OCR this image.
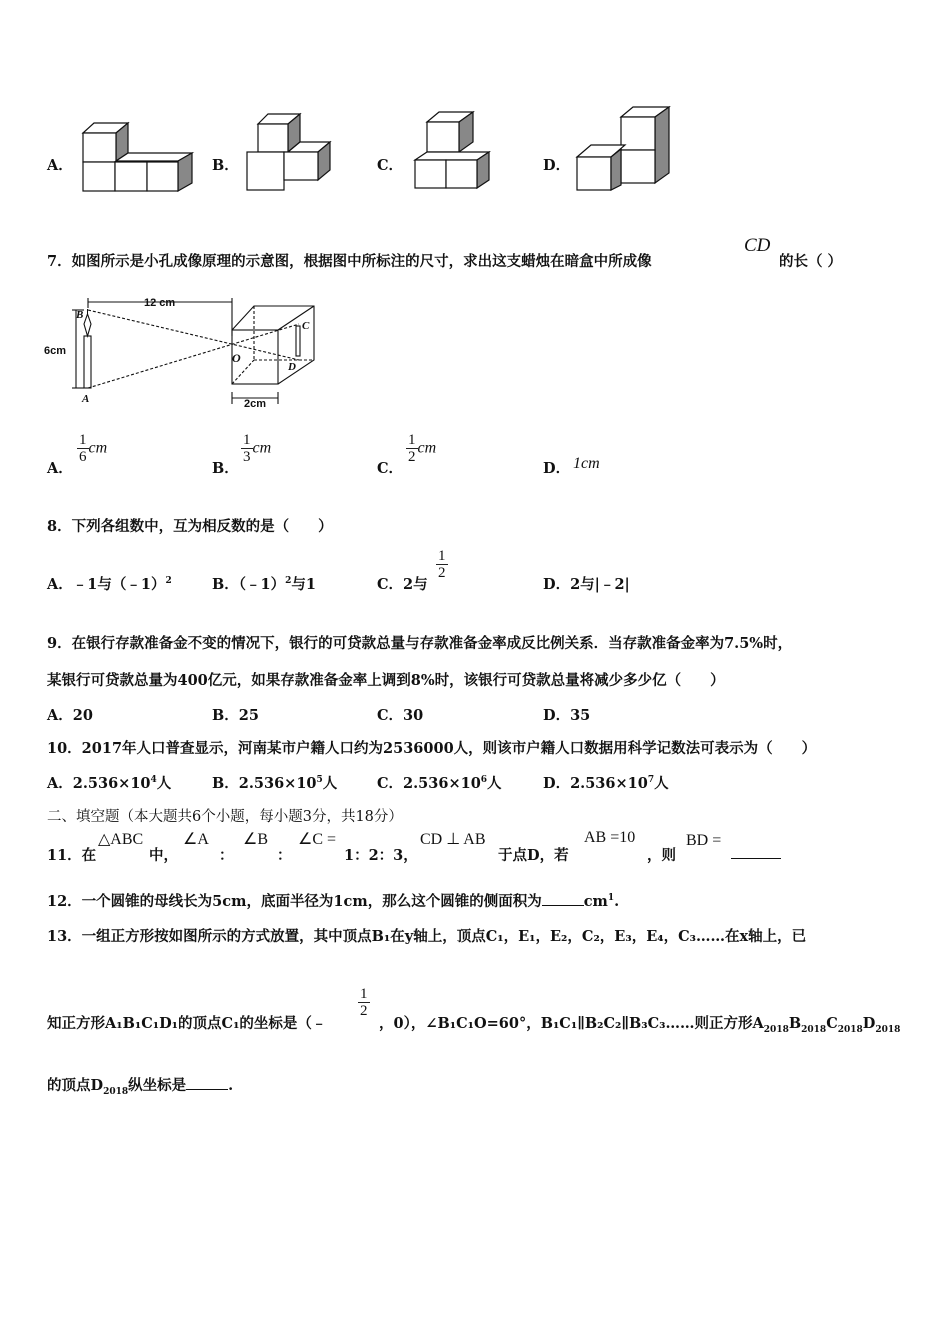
A．	B．	C．	D．
7．如图所示是小孔成像原理的示意图，根据图中所标注的尺寸，求出这支蜡烛在暗盒中所成像
CD
的长（ ）
12 cm
6cm
2cm
B
A
O
C
D
A．
$\frac{1}{6}$ cm
B．
$\frac{1}{3}$ cm
C．
$\frac{1}{2}$ cm
D． 1cm
8．下列各组数中，互为相反数的是（　　）
A．﹣1与（﹣1）$^2$	B．（﹣1）$^2$与1	C．2与
$\frac{1}{2}$
D．2与|﹣2|
9．在银行存款准备金不变的情况下，银行的可贷款总量与存款准备金率成反比例关系．当存款准备金率为7.5%时，
某银行可贷款总量为400亿元，如果存款准备金率上调到8%时，该银行可贷款总量将减少多少亿（　　）
A．20	B．25	C．30	D．35
10．2017年人口普查显示，河南某市户籍人口约为2536000人，则该市户籍人口数据用科学记数法可表示为（　　）
A．$2.536\times 10^4$人	B．$2.536\times 10^5$人	C．$2.536\times 10^6$人	D．$2.536\times 10^7$人
二、填空题（本大题共6个小题，每小题3分，共18分）
11．在
△ABC
中，
∠A
：
∠B
：
∠C =
1：2：3，
CD ⊥ AB
于点D，若
AB =10
，则
BD =
12．一个圆锥的母线长为5cm，底面半径为1cm，那么这个圆锥的侧面积为	$cm^1$.
13．一组正方形按如图所示的方式放置，其中顶点B₁在y轴上，顶点C₁，E₁，E₂，C₂，E₃，E₄，C₃……在x轴上，已
知正方形A₁B₁C₁D₁的顶点C₁的坐标是（﹣
$\frac{1}{2}$
，0），∠B₁C₁O=60°，B₁C₁∥B₂C₂∥B₃C₃……则正方形$A_{2018}B_{2018}C_{2018}D_{2018}$
的顶点$D_{2018}$纵坐标是	.
